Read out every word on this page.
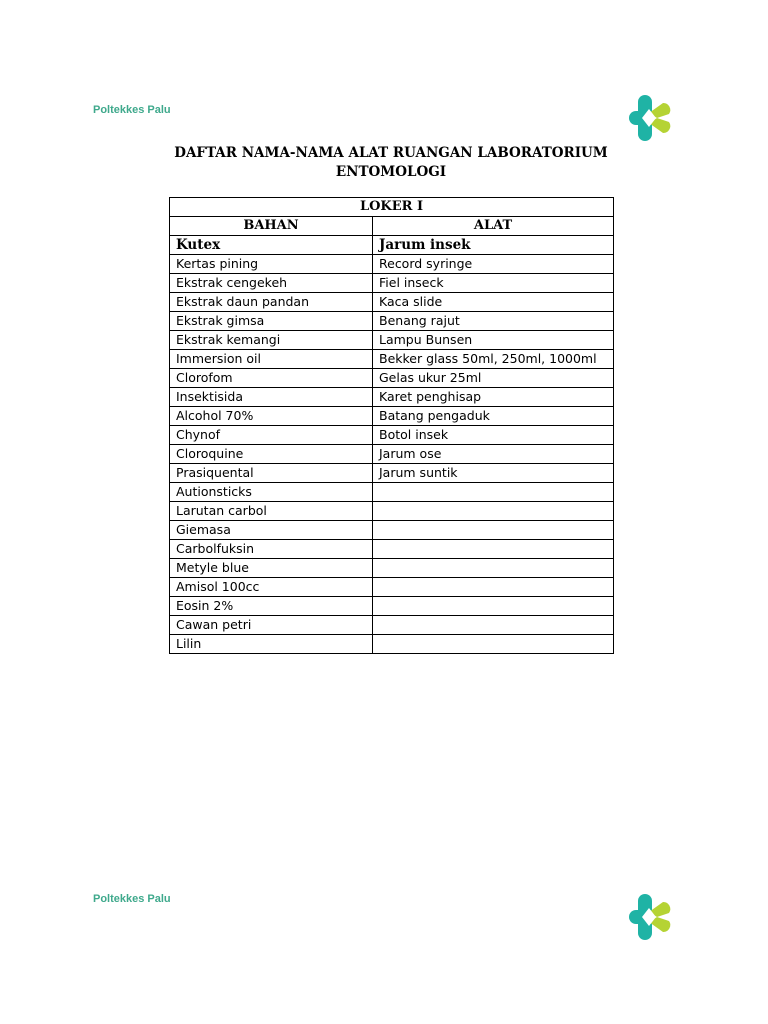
Poltekkes Palu
DAFTAR NAMA-NAMA ALAT RUANGAN LABORATORIUM
ENTOMOLOGI
LOKER I	
BAHAN	ALAT
Kutex	Jarum insek
Kertas pining	Record syringe
Ekstrak cengekeh	Fiel inseck
Ekstrak daun pandan	Kaca slide
Ekstrak gimsa	Benang rajut
Ekstrak kemangi	Lampu Bunsen
Immersion oil	Bekker glass 50ml, 250ml, 1000ml
Clorofom	Gelas ukur 25ml
Insektisida	Karet penghisap
Alcohol 70%	Batang pengaduk
Chynof	Botol insek
Cloroquine	Jarum ose
Prasiquental	Jarum suntik
Autionsticks	
Larutan carbol	
Giemasa	
Carbolfuksin	
Metyle blue	
Amisol 100cc	
Eosin 2%	
Cawan petri	
Lilin	
Poltekkes Palu
